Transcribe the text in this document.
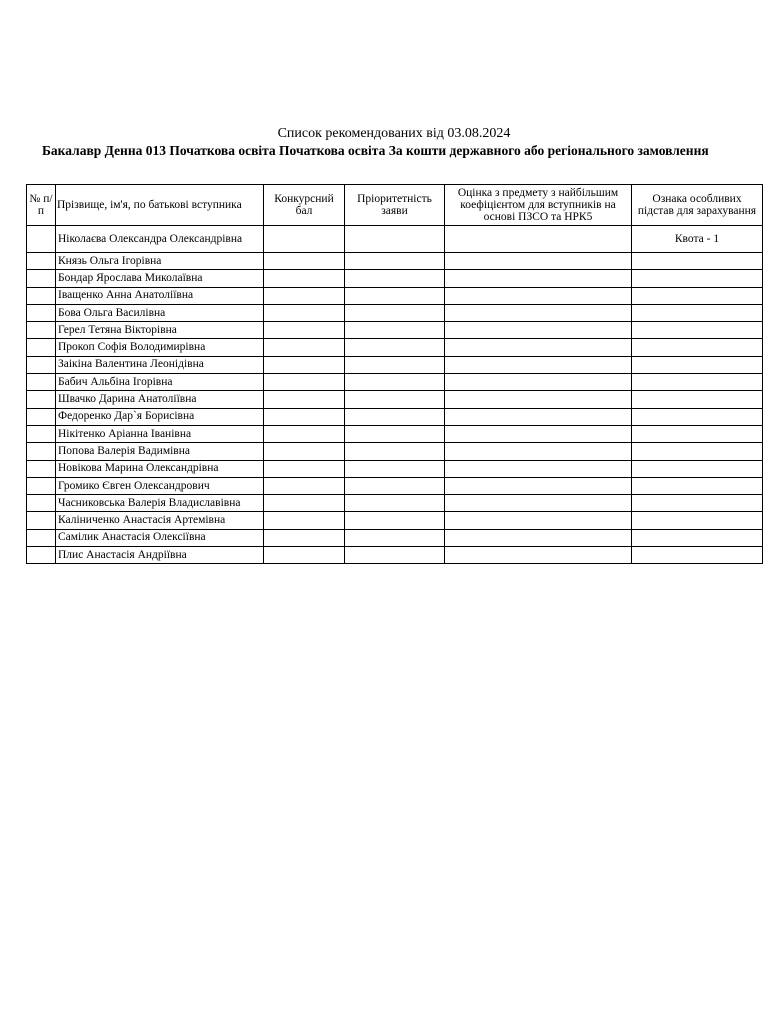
Список рекомендованих від 03.08.2024
Бакалавр Денна 013 Початкова освіта Початкова освіта За кошти державного або регіонального замовлення
№ п/п	Прізвище, ім'я, по батькові вступника	Конкурсний бал	Пріоритетність заяви	Оцінка з предмету з найбільшим коефіцієнтом для вступників на основі ПЗСО та НРК5	Ознака особливих підстав для зарахування
	Ніколаєва Олександра Олександрівна				Квота - 1
	Князь Ольга Ігорівна				
	Бондар Ярослава Миколаївна				
	Іващенко Анна Анатоліївна				
	Бова Ольга Василівна				
	Герел Тетяна Вікторівна				
	Прокоп Софія Володимирівна				
	Заікіна Валентина Леонідівна				
	Бабич Альбіна Ігорівна				
	Швачко Дарина Анатоліївна				
	Федоренко Дар`я Борисівна				
	Нікітенко Аріанна Іванівна				
	Попова Валерія Вадимівна				
	Новікова Марина Олександрівна				
	Громико Євген Олександрович				
	Часниковська Валерія Владиславівна				
	Каліниченко Анастасія Артемівна				
	Самілик Анастасія Олексіївна				
	Плис Анастасія Андріївна				
